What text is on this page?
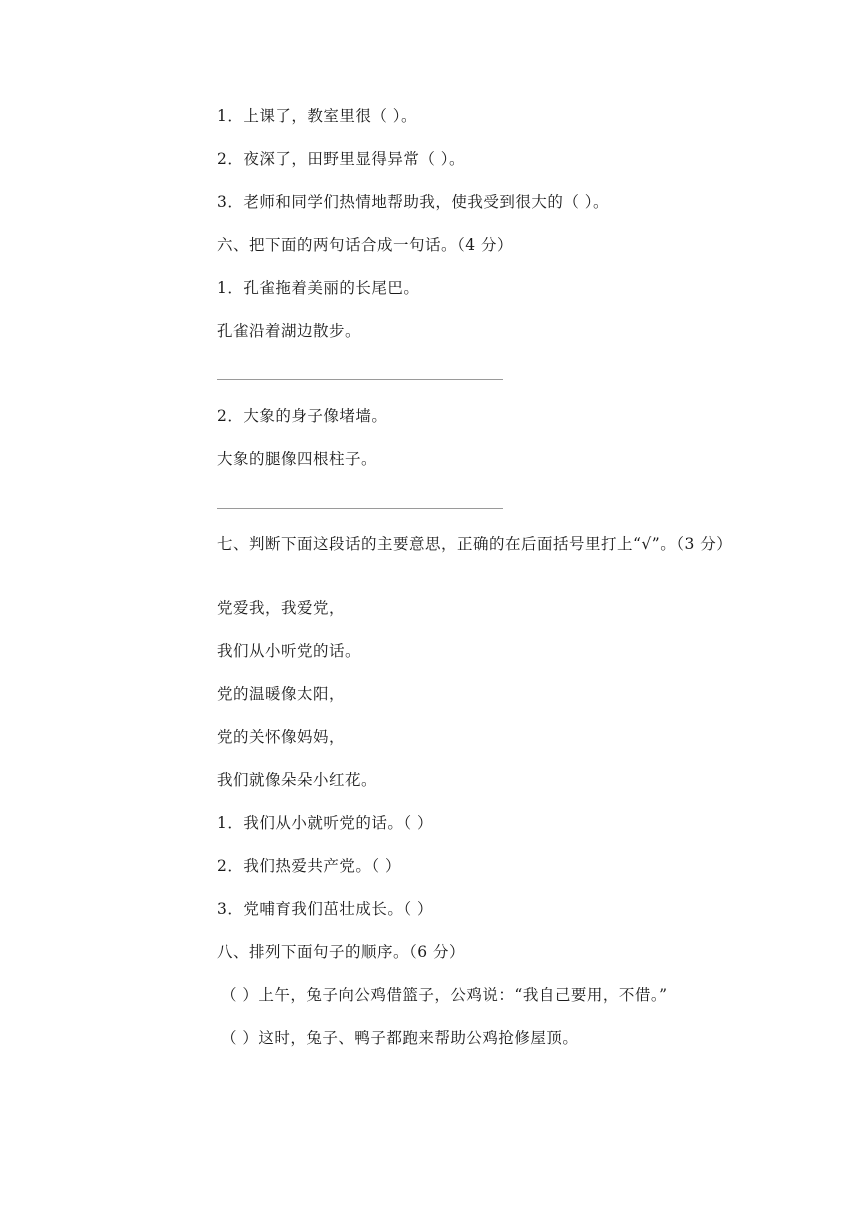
1．上课了，教室里很（ ）。
2．夜深了，田野里显得异常（ ）。
3．老师和同学们热情地帮助我，使我受到很大的（ ）。
六、把下面的两句话合成一句话。（4 分）
1．孔雀拖着美丽的长尾巴。
孔雀沿着湖边散步。
2．大象的身子像堵墙。
大象的腿像四根柱子。
七、判断下面这段话的主要意思，正确的在后面括号里打上“√”。（3 分）
党爱我，我爱党，
我们从小听党的话。
党的温暖像太阳，
党的关怀像妈妈，
我们就像朵朵小红花。
1．我们从小就听党的话。（ ）
2．我们热爱共产党。（ ）
3．党哺育我们茁壮成长。（ ）
八、排列下面句子的顺序。（6 分）
（ ）上午，兔子向公鸡借篮子，公鸡说：“我自己要用，不借。”
（ ）这时，兔子、鸭子都跑来帮助公鸡抢修屋顶。
